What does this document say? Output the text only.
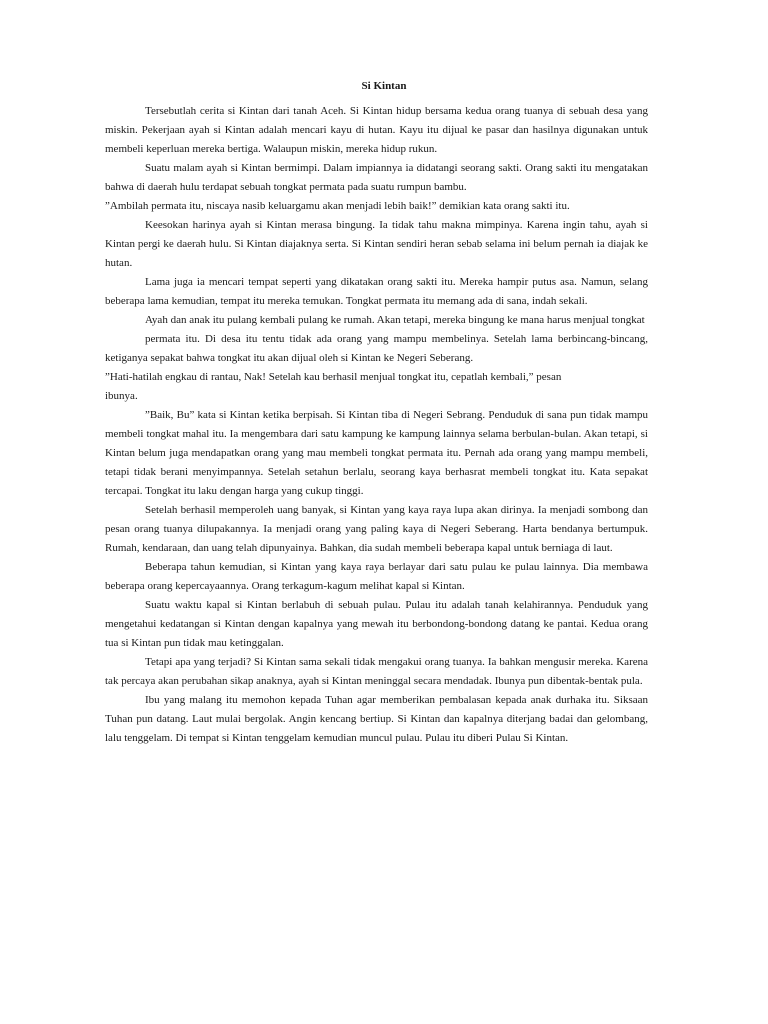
Si Kintan

Tersebutlah cerita si Kintan dari tanah Aceh. Si Kintan hidup bersama kedua orang tuanya di sebuah desa yang miskin. Pekerjaan ayah si Kintan adalah mencari kayu di hutan. Kayu itu dijual ke pasar dan hasilnya digunakan untuk membeli keperluan mereka bertiga. Walaupun miskin, mereka hidup rukun.

Suatu malam ayah si Kintan bermimpi. Dalam impiannya ia didatangi seorang sakti. Orang sakti itu mengatakan bahwa di daerah hulu terdapat sebuah tongkat permata pada suatu rumpun bambu.

”Ambilah permata itu, niscaya nasib keluargamu akan menjadi lebih baik!” demikian kata orang sakti itu.

Keesokan harinya ayah si Kintan merasa bingung. Ia tidak tahu makna mimpinya. Karena ingin tahu, ayah si Kintan pergi ke daerah hulu. Si Kintan diajaknya serta. Si Kintan sendiri heran sebab selama ini belum pernah ia diajak ke hutan.

Lama juga ia mencari tempat seperti yang dikatakan orang sakti itu. Mereka hampir putus asa. Namun, selang beberapa lama kemudian, tempat itu mereka temukan. Tongkat permata itu memang ada di sana, indah sekali.

Ayah dan anak itu pulang kembali pulang ke rumah. Akan tetapi, mereka bingung ke mana harus menjual tongkat

permata itu. Di desa itu tentu tidak ada orang yang mampu membelinya. Setelah lama berbincang-bincang, ketiganya sepakat bahwa tongkat itu akan dijual oleh si Kintan ke Negeri Seberang.

”Hati-hatilah engkau di rantau, Nak! Setelah kau berhasil menjual tongkat itu, cepatlah kembali,” pesan

ibunya.

”Baik, Bu” kata si Kintan ketika berpisah. Si Kintan tiba di Negeri Sebrang. Penduduk di sana pun tidak mampu membeli tongkat mahal itu. Ia mengembara dari satu kampung ke kampung lainnya selama berbulan-bulan. Akan tetapi, si Kintan belum juga mendapatkan orang yang mau membeli tongkat permata itu. Pernah ada orang yang mampu membeli, tetapi tidak berani menyimpannya. Setelah setahun berlalu, seorang kaya berhasrat membeli tongkat itu. Kata sepakat tercapai. Tongkat itu laku dengan harga yang cukup tinggi.

Setelah berhasil memperoleh uang banyak, si Kintan yang kaya raya lupa akan dirinya. Ia menjadi sombong dan pesan orang tuanya dilupakannya. Ia menjadi orang yang paling kaya di Negeri Seberang. Harta bendanya bertumpuk. Rumah, kendaraan, dan uang telah dipunyainya. Bahkan, dia sudah membeli beberapa kapal untuk berniaga di laut.

Beberapa tahun kemudian, si Kintan yang kaya raya berlayar dari satu pulau ke pulau lainnya. Dia membawa beberapa orang kepercayaannya. Orang terkagum-kagum melihat kapal si Kintan.

Suatu waktu kapal si Kintan berlabuh di sebuah pulau. Pulau itu adalah tanah kelahirannya. Penduduk yang mengetahui kedatangan si Kintan dengan kapalnya yang mewah itu berbondong-bondong datang ke pantai. Kedua orang tua si Kintan pun tidak mau ketinggalan.

Tetapi apa yang terjadi? Si Kintan sama sekali tidak mengakui orang tuanya. Ia bahkan mengusir mereka. Karena tak percaya akan perubahan sikap anaknya, ayah si Kintan meninggal secara mendadak. Ibunya pun dibentak-bentak pula.

Ibu yang malang itu memohon kepada Tuhan agar memberikan pembalasan kepada anak durhaka itu. Siksaan Tuhan pun datang. Laut mulai bergolak. Angin kencang bertiup. Si Kintan dan kapalnya diterjang badai dan gelombang, lalu tenggelam. Di tempat si Kintan tenggelam kemudian muncul pulau. Pulau itu diberi Pulau Si Kintan.
